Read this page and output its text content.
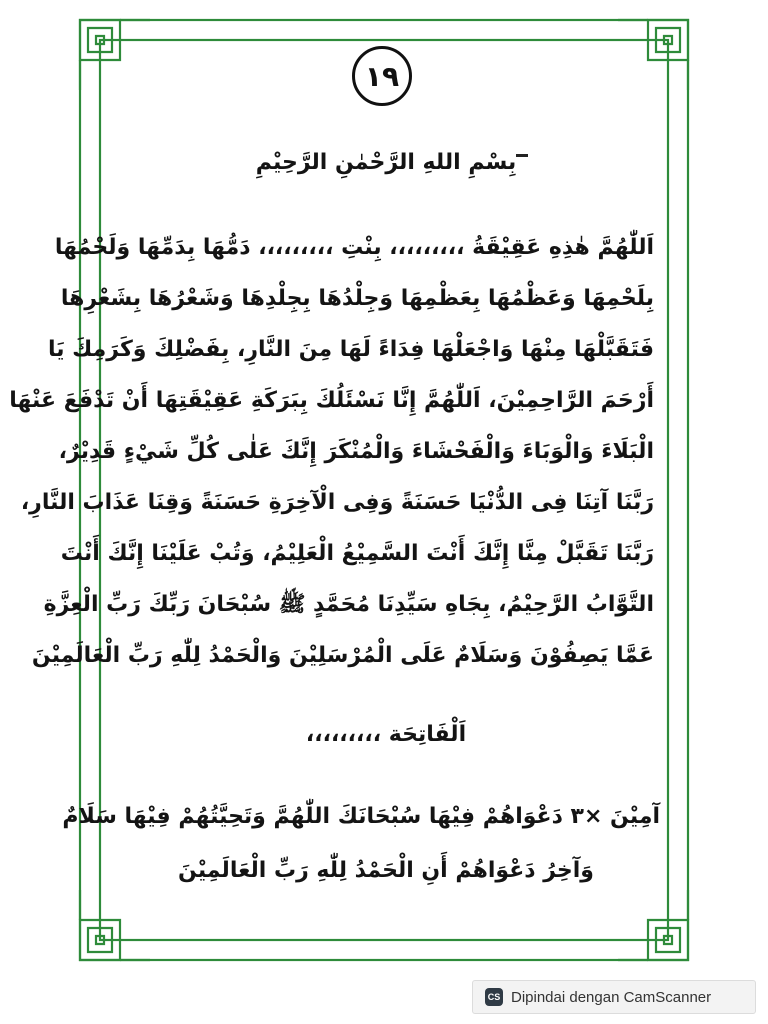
١٩
بِسْمِ اللهِ الرَّحْمٰنِ الرَّحِيْمِ
اَللّٰهُمَّ هٰذِهِ عَقِيْقَةُ ،،،،،،،،، بِنْتِ ،،،،،،،،، دَمُّهَا بِدَمِّهَا وَلَحْمُهَا
بِلَحْمِهَا وَعَظْمُهَا بِعَظْمِهَا وَجِلْدُهَا بِجِلْدِهَا وَشَعْرُهَا بِشَعْرِهَا
فَتَقَبَّلْهَا مِنْهَا وَاجْعَلْهَا فِدَاءً لَهَا مِنَ النَّارِ، بِفَضْلِكَ وَكَرَمِكَ يَا
أَرْحَمَ الرَّاحِمِيْنَ، اَللّٰهُمَّ إِنَّا نَسْئَلُكَ بِبَرَكَةِ عَقِيْقَتِهَا أَنْ تَدْفَعَ عَنْهَا
الْبَلَاءَ وَالْوَبَاءَ وَالْفَحْشَاءَ وَالْمُنْكَرَ إِنَّكَ عَلٰى كُلِّ شَيْءٍ قَدِيْرٌ،
رَبَّنَا آتِنَا فِى الدُّنْيَا حَسَنَةً وَفِى الْآخِرَةِ حَسَنَةً وَقِنَا عَذَابَ النَّارِ،
رَبَّنَا تَقَبَّلْ مِنَّا إِنَّكَ أَنْتَ السَّمِيْعُ الْعَلِيْمُ، وَتُبْ عَلَيْنَا إِنَّكَ أَنْتَ
التَّوَّابُ الرَّحِيْمُ، بِجَاهِ سَيِّدِنَا مُحَمَّدٍ ﷺ سُبْحَانَ رَبِّكَ رَبِّ الْعِزَّةِ
عَمَّا يَصِفُوْنَ وَسَلَامٌ عَلَى الْمُرْسَلِيْنَ وَالْحَمْدُ لِلّٰهِ رَبِّ الْعَالَمِيْنَ
اَلْفَاتِحَة ،،،،،،،،،
آمِيْنَ ×٣ دَعْوَاهُمْ فِيْهَا سُبْحَانَكَ اللّٰهُمَّ وَتَحِيَّتُهُمْ فِيْهَا سَلَامٌ
وَآخِرُ دَعْوَاهُمْ أَنِ الْحَمْدُ لِلّٰهِ رَبِّ الْعَالَمِيْنَ
CS Dipindai dengan CamScanner
